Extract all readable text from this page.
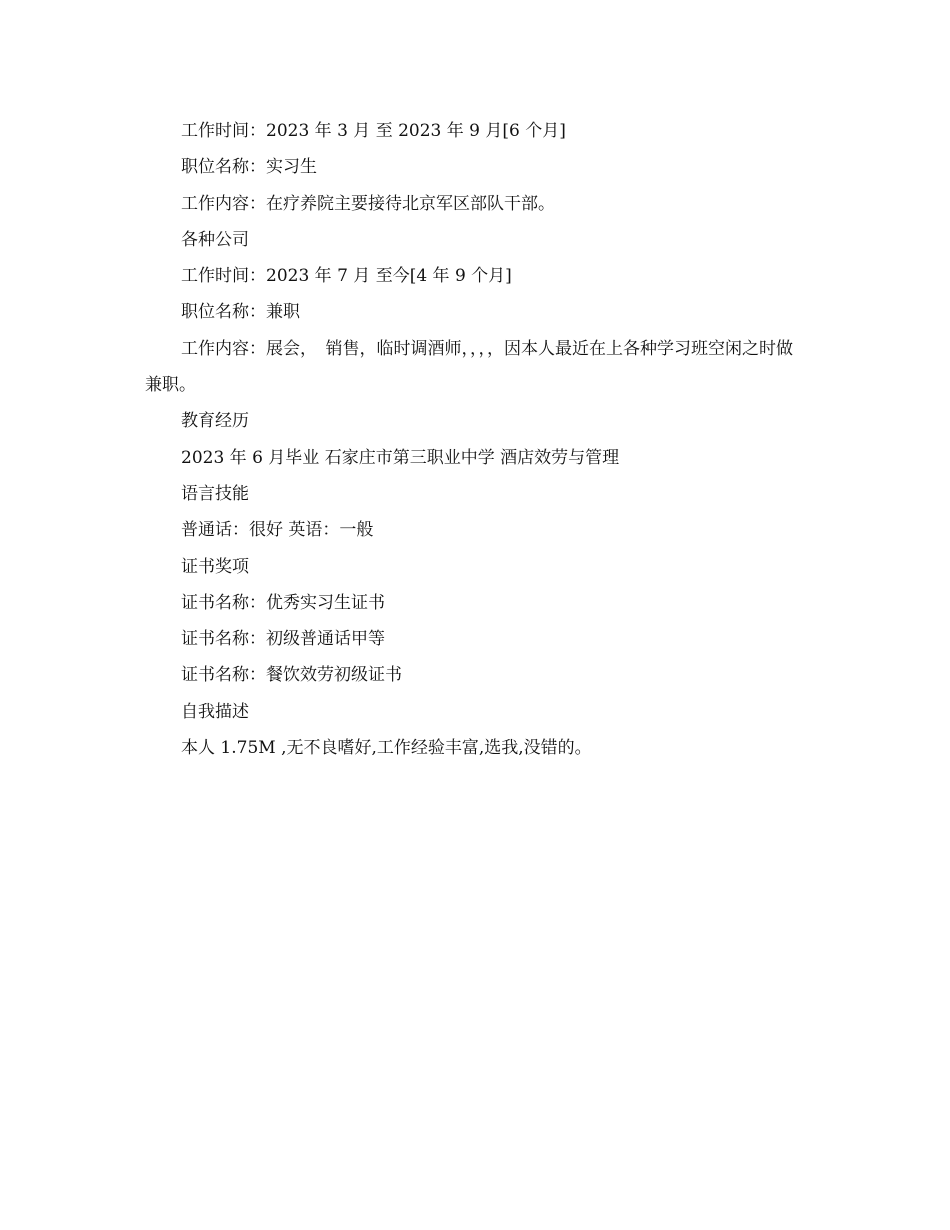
工作时间：2023 年 3 月 至 2023 年 9 月[6 个月]
职位名称：实习生
工作内容：在疗养院主要接待北京军区部队干部。
各种公司
工作时间：2023 年 7 月 至今[4 年 9 个月]
职位名称：兼职
工作内容：展会，　销售，临时调酒师，，，，因本人最近在上各种学习班空闲之时做兼职。
教育经历
2023 年 6 月毕业 石家庄市第三职业中学 酒店效劳与管理
语言技能
普通话：很好 英语：一般
证书奖项
证书名称：优秀实习生证书
证书名称：初级普通话甲等
证书名称：餐饮效劳初级证书
自我描述
本人 1.75M ,无不良嗜好,工作经验丰富,选我,没错的。
